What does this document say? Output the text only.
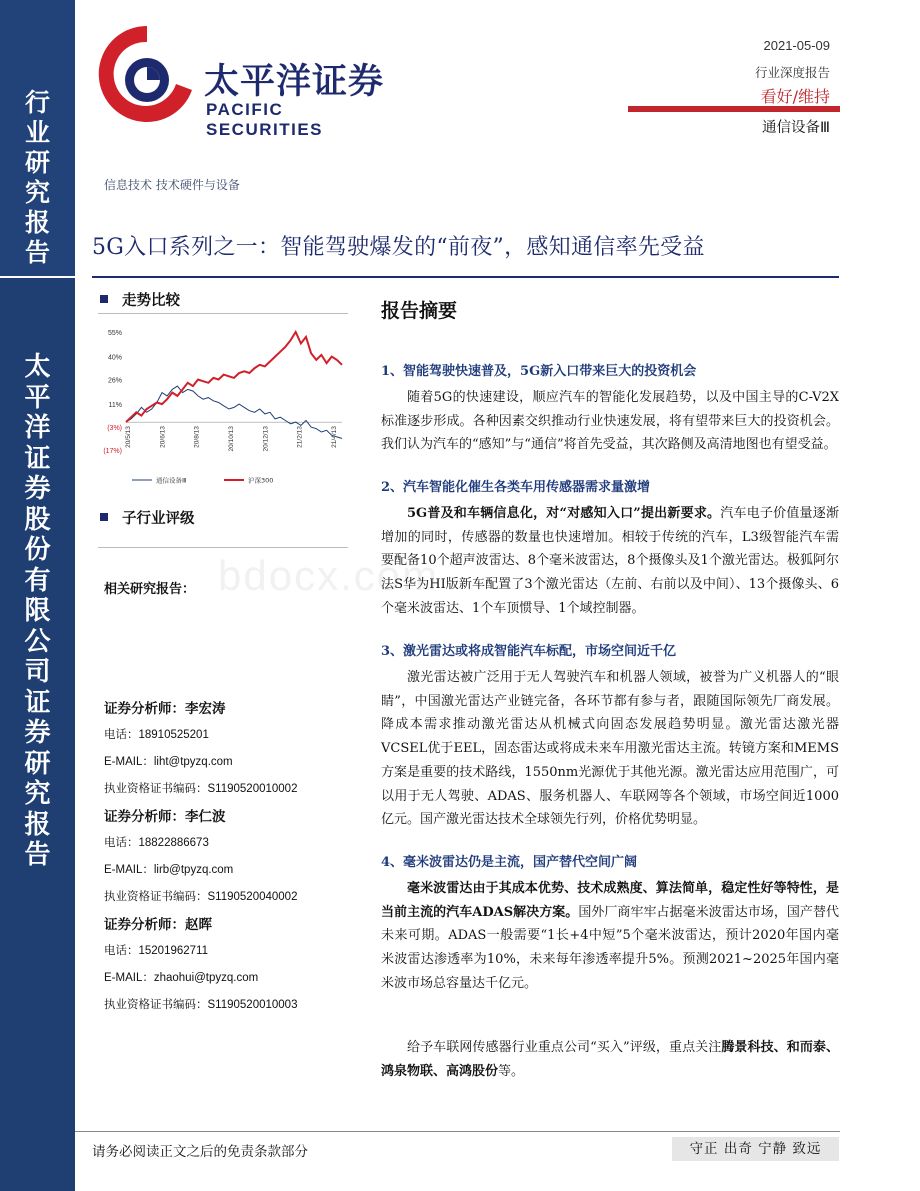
行
业
研
究
报
告
太
平
洋
证
券
股
份
有
限
公
司
证
券
研
究
报
告
太平洋证券
PACIFIC SECURITIES
2021-05-09
行业深度报告
看好/维持
通信设备Ⅲ
信息技术 技术硬件与设备
5G入口系列之一：智能驾驶爆发的“前夜”，感知通信率先受益
走势比较
55%
40%
26%
11%
(3%)
(17%)
20/5/13	20/6/13	20/8/13	20/10/13	20/12/13	21/2/13	21/4/13
通信设备Ⅲ	沪深300
子行业评级
相关研究报告：
证券分析师：李宏涛
电话：18910525201
E-MAIL：liht@tpyzq.com
执业资格证书编码：S1190520010002
证券分析师：李仁波
电话：18822886673
E-MAIL：lirb@tpyzq.com
执业资格证书编码：S1190520040002
证券分析师：赵晖
电话：15201962711
E-MAIL：zhaohui@tpyzq.com
执业资格证书编码：S1190520010003
报告摘要
1、智能驾驶快速普及，5G新入口带来巨大的投资机会
随着5G的快速建设，顺应汽车的智能化发展趋势，以及中国主导的C-V2X标准逐步形成。各种因素交织推动行业快速发展，将有望带来巨大的投资机会。我们认为汽车的“感知”与“通信”将首先受益，其次路侧及高清地图也有望受益。
2、汽车智能化催生各类车用传感器需求量激增
5G普及和车辆信息化，对“对感知入口”提出新要求。汽车电子价值量逐渐增加的同时，传感器的数量也快速增加。相较于传统的汽车，L3级智能汽车需要配备10个超声波雷达、8个毫米波雷达，8个摄像头及1个激光雷达。极狐阿尔法S华为HI版新车配置了3个激光雷达（左前、右前以及中间）、13个摄像头、6个毫米波雷达、1个车顶惯导、1个域控制器。
3、激光雷达或将成智能汽车标配，市场空间近千亿
激光雷达被广泛用于无人驾驶汽车和机器人领域，被誉为广义机器人的“眼睛”，中国激光雷达产业链完备，各环节都有参与者，跟随国际领先厂商发展。降成本需求推动激光雷达从机械式向固态发展趋势明显。激光雷达激光器VCSEL优于EEL，固态雷达或将成未来车用激光雷达主流。转镜方案和MEMS方案是重要的技术路线，1550nm光源优于其他光源。激光雷达应用范围广，可以用于无人驾驶、ADAS、服务机器人、车联网等各个领域，市场空间近1000亿元。国产激光雷达技术全球领先行列，价格优势明显。
4、毫米波雷达仍是主流，国产替代空间广阔
毫米波雷达由于其成本优势、技术成熟度、算法简单，稳定性好等特性，是当前主流的汽车ADAS解决方案。国外厂商牢牢占据毫米波雷达市场，国产替代未来可期。ADAS一般需要“1长+4中短”5个毫米波雷达，预计2020年国内毫米波雷达渗透率为10%，未来每年渗透率提升5%。预测2021~2025年国内毫米波市场总容量达千亿元。
给予车联网传感器行业重点公司“买入”评级，重点关注腾景科技、和而泰、鸿泉物联、高鸿股份等。
bdocx.com
请务必阅读正文之后的免责条款部分	守正 出奇 宁静 致远
